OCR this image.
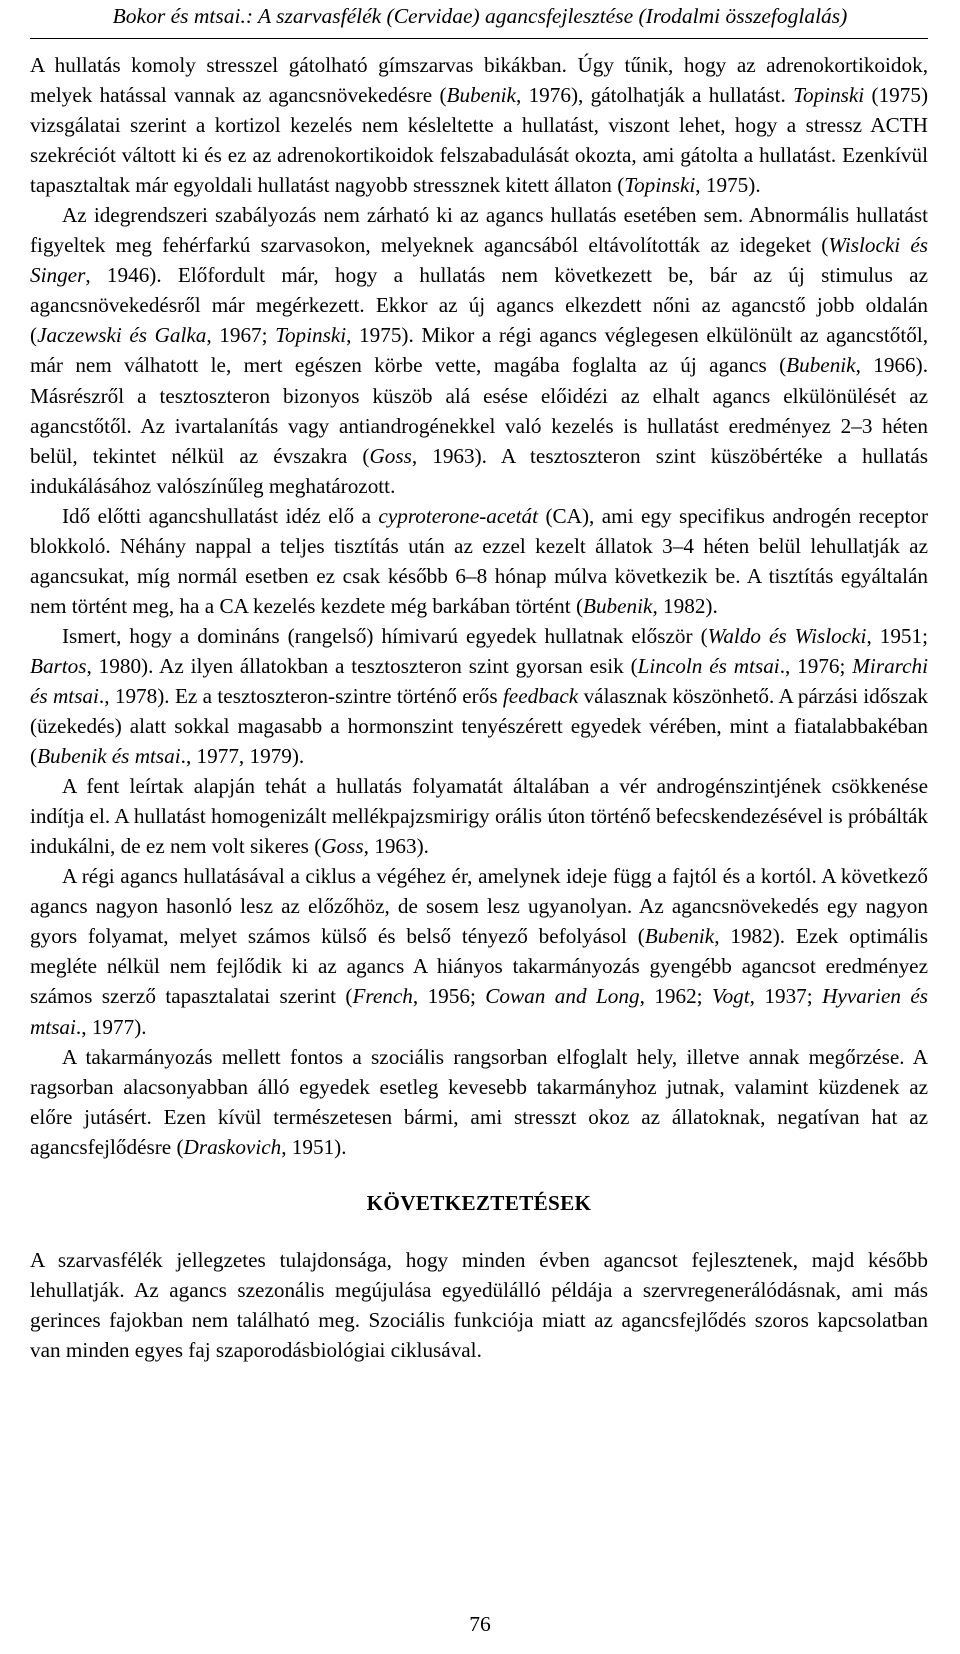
Bokor és mtsai.: A szarvasfélék (Cervidae) agancsfejlesztése (Irodalmi összefoglalás)

A hullatás komoly stresszel gátolható gímszarvas bikákban. Úgy tűnik, hogy az adrenokortikoidok, melyek hatással vannak az agancsnövekedésre (Bubenik, 1976), gátolhatják a hullatást. Topinski (1975) vizsgálatai szerint a kortizol kezelés nem késleltette a hullatást, viszont lehet, hogy a stressz ACTH szekréciót váltott ki és ez az adrenokortikoidok felszabadulását okozta, ami gátolta a hullatást. Ezenkívül tapasztaltak már egyoldali hullatást nagyobb stressznek kitett állaton (Topinski, 1975).

Az idegrendszeri szabályozás nem zárható ki az agancs hullatás esetében sem. Abnormális hullatást figyeltek meg fehérfarkú szarvasokon, melyeknek agancsából eltávolították az idegeket (Wislocki és Singer, 1946). Előfordult már, hogy a hullatás nem következett be, bár az új stimulus az agancsnövekedésről már megérkezett. Ekkor az új agancs elkezdett nőni az agancstő jobb oldalán (Jaczewski és Galka, 1967; Topinski, 1975). Mikor a régi agancs véglegesen elkülönült az agancstőtől, már nem válhatott le, mert egészen körbe vette, magába foglalta az új agancs (Bubenik, 1966). Másrészről a tesztoszteron bizonyos küszöb alá esése előidézi az elhalt agancs elkülönülését az agancstőtől. Az ivartalanítás vagy antiandrogénekkel való kezelés is hullatást eredményez 2–3 héten belül, tekintet nélkül az évszakra (Goss, 1963). A tesztoszteron szint küszöbértéke a hullatás indukálásához valószínűleg meghatározott.

Idő előtti agancshullatást idéz elő a cyproterone-acetát (CA), ami egy specifikus androgén receptor blokkoló. Néhány nappal a teljes tisztítás után az ezzel kezelt állatok 3–4 héten belül lehullatják az agancsukat, míg normál esetben ez csak később 6–8 hónap múlva következik be. A tisztítás egyáltalán nem történt meg, ha a CA kezelés kezdete még barkában történt (Bubenik, 1982).

Ismert, hogy a domináns (rangelső) hímivarú egyedek hullatnak először (Waldo és Wislocki, 1951; Bartos, 1980). Az ilyen állatokban a tesztoszteron szint gyorsan esik (Lincoln és mtsai., 1976; Mirarchi és mtsai., 1978). Ez a tesztoszteron-szintre történő erős feedback válasznak köszönhető. A párzási időszak (üzekedés) alatt sokkal magasabb a hormonszint tenyészérett egyedek vérében, mint a fiatalabbakéban (Bubenik és mtsai., 1977, 1979).

A fent leírtak alapján tehát a hullatás folyamatát általában a vér androgénszintjének csökkenése indítja el. A hullatást homogenizált mellékpajzsmirigy orális úton történő befecskendezésével is próbálták indukálni, de ez nem volt sikeres (Goss, 1963).

A régi agancs hullatásával a ciklus a végéhez ér, amelynek ideje függ a fajtól és a kortól. A következő agancs nagyon hasonló lesz az előzőhöz, de sosem lesz ugyanolyan. Az agancsnövekedés egy nagyon gyors folyamat, melyet számos külső és belső tényező befolyásol (Bubenik, 1982). Ezek optimális megléte nélkül nem fejlődik ki az agancs A hiányos takarmányozás gyengébb agancsot eredményez számos szerző tapasztalatai szerint (French, 1956; Cowan and Long, 1962; Vogt, 1937; Hyvarien és mtsai., 1977).

A takarmányozás mellett fontos a szociális rangsorban elfoglalt hely, illetve annak megőrzése. A ragsorban alacsonyabban álló egyedek esetleg kevesebb takarmányhoz jutnak, valamint küzdenek az előre jutásért. Ezen kívül természetesen bármi, ami stresszt okoz az állatoknak, negatívan hat az agancsfejlődésre (Draskovich, 1951).

KÖVETKEZTETÉSEK

A szarvasfélék jellegzetes tulajdonsága, hogy minden évben agancsot fejlesztenek, majd később lehullatják. Az agancs szezonális megújulása egyedülálló példája a szervregenerálódásnak, ami más gerinces fajokban nem található meg. Szociális funkciója miatt az agancsfejlődés szoros kapcsolatban van minden egyes faj szaporodásbiológiai ciklusával.

76
